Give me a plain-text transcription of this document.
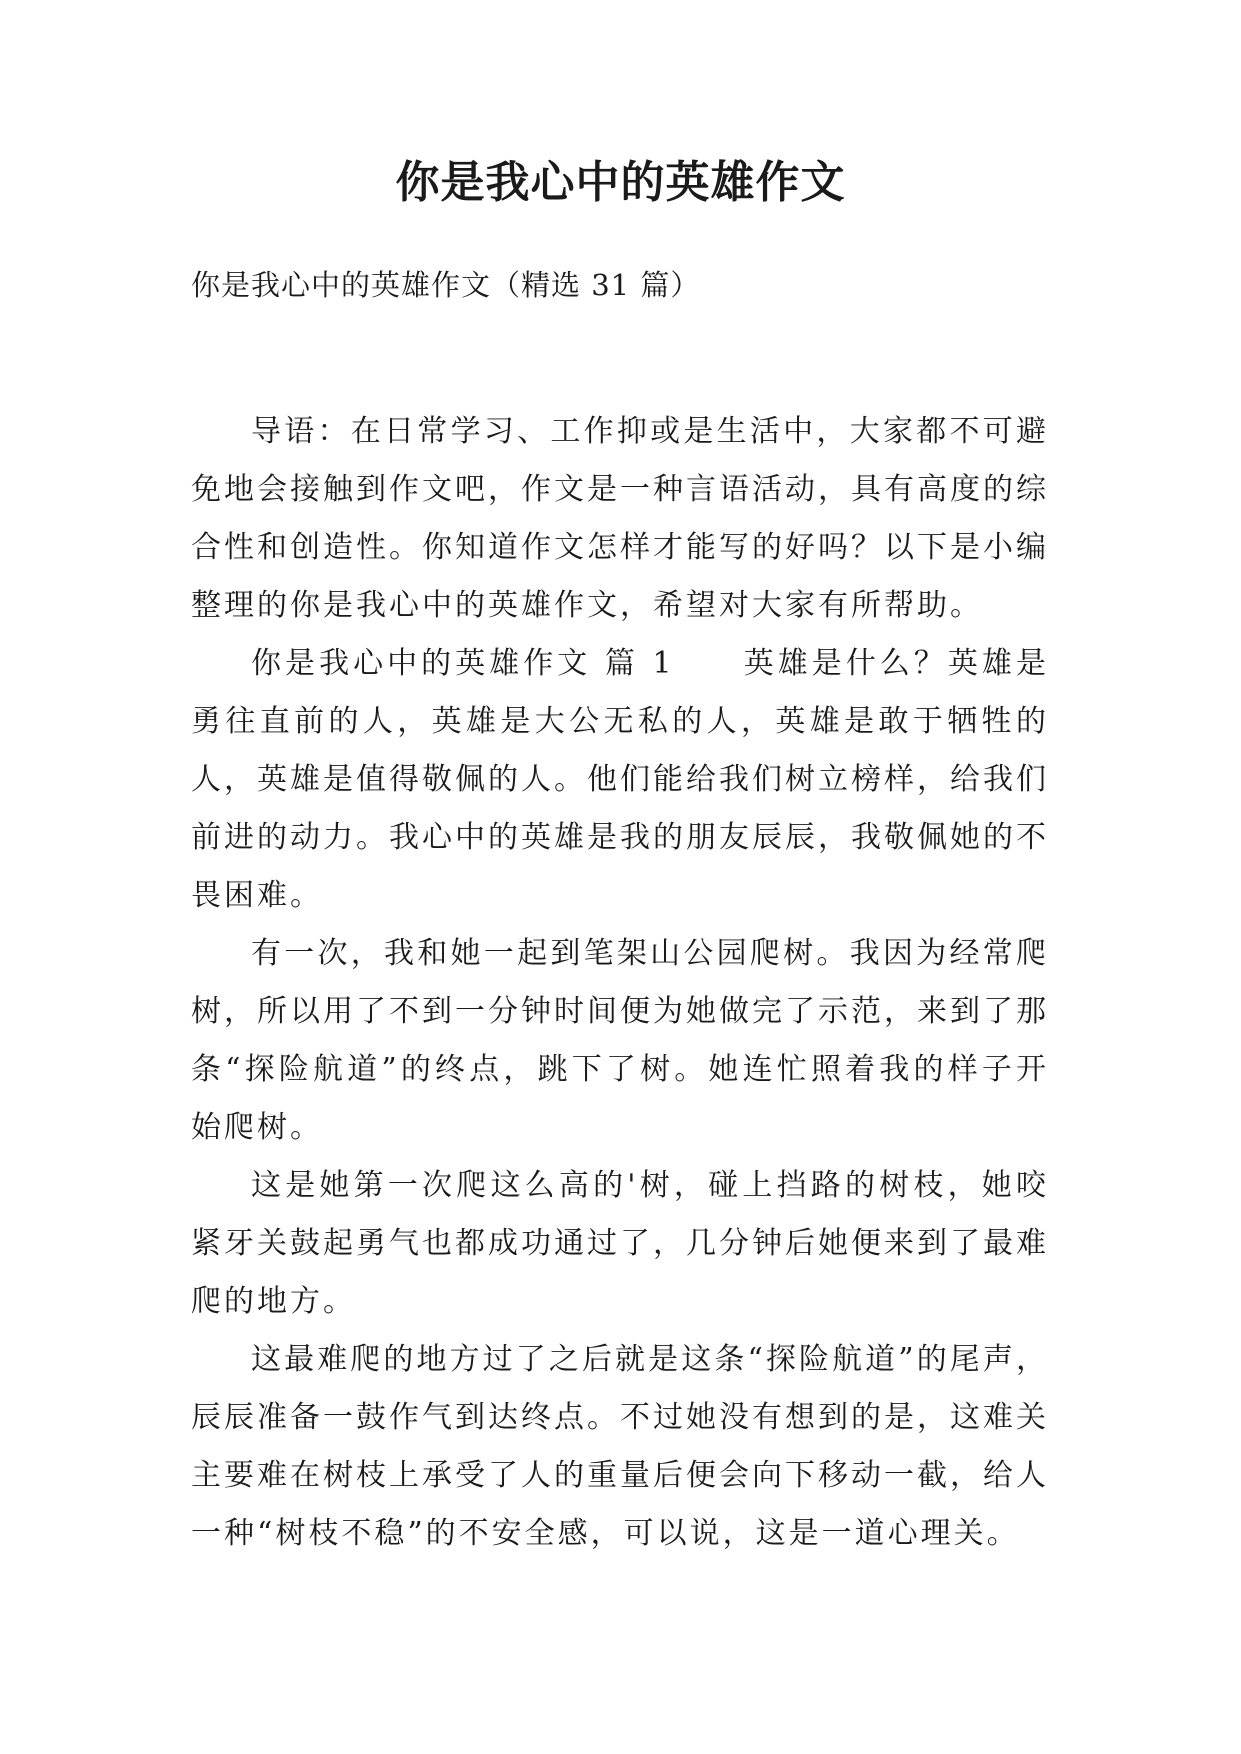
你是我心中的英雄作文

你是我心中的英雄作文（精选 31 篇）

导语：在日常学习、工作抑或是生活中，大家都不可避免地会接触到作文吧，作文是一种言语活动，具有高度的综合性和创造性。你知道作文怎样才能写的好吗？以下是小编整理的你是我心中的英雄作文，希望对大家有所帮助。

你是我心中的英雄作文 篇 1　　英雄是什么？英雄是勇往直前的人，英雄是大公无私的人，英雄是敢于牺牲的人，英雄是值得敬佩的人。他们能给我们树立榜样，给我们前进的动力。我心中的英雄是我的朋友辰辰，我敬佩她的不畏困难。

有一次，我和她一起到笔架山公园爬树。我因为经常爬树，所以用了不到一分钟时间便为她做完了示范，来到了那条“探险航道”的终点，跳下了树。她连忙照着我的样子开始爬树。

这是她第一次爬这么高的'树，碰上挡路的树枝，她咬紧牙关鼓起勇气也都成功通过了，几分钟后她便来到了最难爬的地方。

这最难爬的地方过了之后就是这条“探险航道”的尾声，辰辰准备一鼓作气到达终点。不过她没有想到的是，这难关主要难在树枝上承受了人的重量后便会向下移动一截，给人一种“树枝不稳”的不安全感，可以说，这是一道心理关。
